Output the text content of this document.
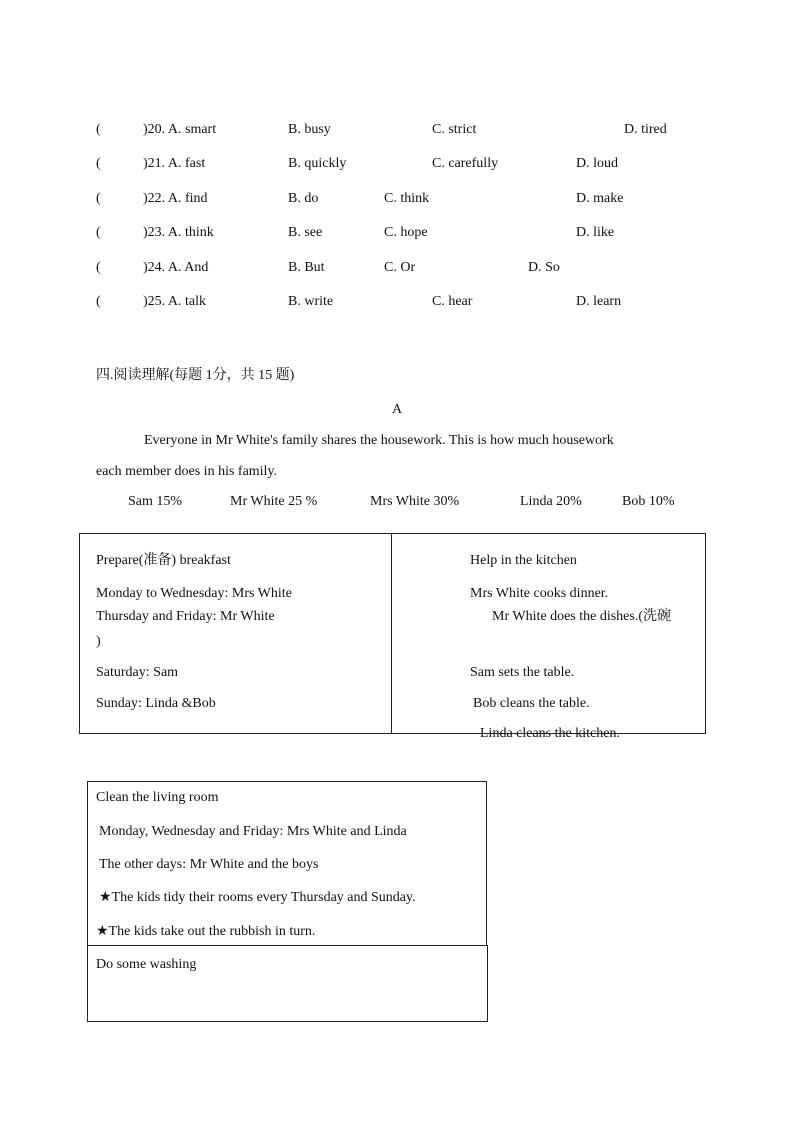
(	)20. A. smart	B. busy	C. strict	D. tired
(	)21. A. fast	B. quickly	C. carefully	D. loud
(	)22. A. find	B. do	C. think	D. make
(	)23. A. think	B. see	C. hope	D. like
(	)24. A. And	B. But	C. Or	D. So
(	)25. A. talk	B. write	C. hear	D. learn
四.阅读理解(每题 1分，共 15 题)
A
Everyone in Mr White's family shares the housework. This is how much housework
each member does in his family.
Sam 15%	Mr White 25 %	Mrs White 30%	Linda 20%	Bob 10%
Prepare(准备) breakfast
Monday to Wednesday: Mrs White
Thursday and Friday: Mr White
)
Saturday: Sam
Sunday: Linda &Bob
Help in the kitchen
Mrs White cooks dinner.
Mr White does the dishes.(洗碗
Sam sets the table.
Bob cleans the table.
Linda cleans the kitchen.
Clean the living room
Monday, Wednesday and Friday: Mrs White and Linda
The other days: Mr White and the boys
★The kids tidy their rooms every Thursday and Sunday.
★The kids take out the rubbish in turn.
Do some washing
